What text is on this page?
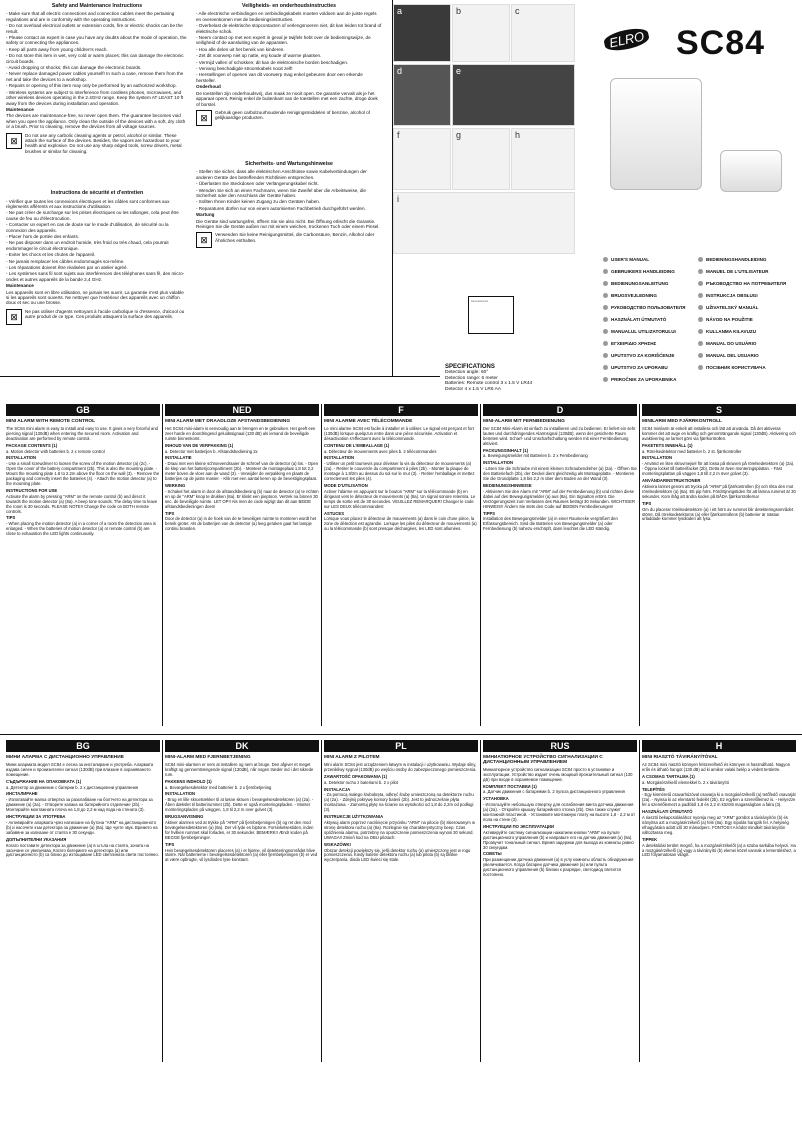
Safety and Maintenance Instructions

- Make sure that all electric connections and connection cables meet the pertaining regulations and are in conformity with the operating instructions.

- Do not overload electrical outlets or extension cords, fire or electric shocks can be the result.

- Please contact an expert in case you have any doubts about the mode of operation, the safety or connecting the appliances.

- Keep all parts away from young children's reach.

- Do not store this item in wet, very cold or warm places; this can damage the electronic circuit boards.

- Avoid dropping or shocks; this can damage the electronic boards.

- Never replace damaged power cables yourself! In such a case, remove them from the net and take the devices to a workshop.

- Repairs or opening of this item may only be performed by an authorized workshop.

- Wireless systems are subject to interference from cordless phones, microwaves, and other wireless devices operating in the 2.4GHz range. Keep the system AT LEAST 10 ft away from the devices during installation and operation.

Maintenance

The devices are maintenance-free, so never open them. The guarantee becomes void when you open the appliance. Only clean the outside of the devices with a soft, dry cloth or a brush. Prior to cleaning, remove the devices from all voltage sources.

⊠

Do not use any carbolic cleaning agents or petrol, alcohol or similar. These attack the surface of the devices. Besides, the vapors are hazardous to your health and explosive. Do not use any sharp edged tools, screw drivers, metal brushes or similar for cleaning.

Instructions de sécurité et d'entretien

- Vérifier que toutes les connexions électriques et les câbles sont conformes aux règlements afférents et aux instructions d'utilisation.

- Ne pas créer de surcharge sur les prises électriques ou les rallonges, cela peut être cause de feu ou d'électrocution.

- Contacter un expert en cas de doute sur le mode d'utilisation, de sécurité ou la connexion des appareils.

- Placer hors de portée des enfants.

- Ne pas disposer dans un endroit humide, très froid ou très chaud, cela pourrait endommager le circuit électronique.

- Eviter les chocs et les chutes de l'appareil.

- Ne jamais remplacer les câbles endommagés soi-même.

- Les réparations doivent être réalisées par un atelier agréé.

- Les systèmes sans fil sont sujets aux interférences des téléphones sans fil, des micro-ondes et autres appareils de la bande 2,4 GHz.

Maintenance

Les appareils sont en libre utilisation, ne jamais les ouvrir. La garantie n'est plus valable si les appareils sont ouverts. Ne nettoyer que l'extérieur des appareils avec un chiffon doux et sec ou une brosse.

⊠

Ne pas utiliser d'agents nettoyant à l'acide carbolique ni d'essence, d'alcool ou autre produit de ce type. Ces produits attaquent la surface des appareils.

Veiligheids- en onderhoudsinstructies

- Alle electrische verbindingen en verbindingskabels moeten voldoen aan de juiste regels en overeenkomen met de bedieningsinstructies.

- Overbelast de elektrische stopcontacten of verlengsnoeren niet, dit kan leiden tot brand of elektrische schok.

- Neem contact op met een expert in geval je twijfels hebt over de bedieningswijze, de veiligheid of de aansluiting van de apparaten.

- Hou alle delen uit het bereik van kinderen.

- Zet dit voorwerp niet op natte, erg koude of warme plaatsen.

- Vermijd vallen of schokken; dit kan de elektronische borden beschadigen.

- Vervang beschadigde stroomkabels nooit zelf!

- Herstellingen of openen van dit voorwerp mag enkel gebeuren door een erkende hersteller.

Onderhoud

De toestellen zijn onderhoudsvrij, dus maak ze nooit open. De garantie vervalt als je het apparaat opent. Reinig enkel de buitenkant van de toestellen met een zachte, droge doek of borstel.

⊠

Gebruik geen carbolzuurhoudende reinigingsmiddelen of benzine, alcohol of gelijkaardige producten.

Sicherheits- und Wartungshinweise

- Stellen Sie sicher, dass alle elektrischen Anschlüsse sowie Kabelverbindungen der anderen Geräte den betreffenden Richtlinien entsprechen.

- Überlasten Sie Steckdosen oder Verlängerungskabel nicht.

- Wenden Sie sich an einen Fachmann, wenn Sie Zweifel über die Arbeitsweise, die Sicherheit oder den Anschluss der Geräte haben.

- Sollten Ihnen Kinder keinen Zugang zu den Geräten haben.

- Reparaturen dürfen nur von einem autorisierten Fachbetrieb durchgeführt werden.

Wartung

Die Geräte sind wartungsfrei, öffnen Sie sie also nicht. Bei Öffnung erlischt die Garantie. Reinigen Sie die Geräte außen nur mit einem weichen, trockenen Tuch oder einem Pinsel.

⊠

Verwenden Sie keine Reinigungsmittel, die Carbonsäure, Benzin, Alkohol oder Ähnliches enthalten.

a	b	c
d	e
f	g	h
i
▭▭▭▭▭
SPECIFICATIONS
Detection angle: 60°
Detection range: 6 meter
Batteries: Remote control 3 x 1.5 V LR44
Detector 4 x 1.5 V LR6 AA
ELRO SC84
USER'S MANUAL	BEDIENINGSHANDLEIDING
GEBRUIKERS HANDLEIDING	MANUEL DE L'UTILISATEUR
BEDIENUNGSANLEITUNG	РЪКОВОДСТВО НА ПОТРЕБИТЕЛЯ
BRUGSVEJLEDNING	INSTRUKCJA OBSŁUGI
РУКОВОДСТВО ПОЛЬЗОВАТЕЛЯ	UŽIVATELSKÝ MANUÁL
HASZNÁLATI ÚTMUTATÓ	NÁVOD NA POUŽITIE
MANUALUL UTILIZATORULUI	KULLANMA KILAVUZU
ΕΓΧΕΙΡΙΔΙΟ ΧΡΗΣΗΣ	MANUAL DO USUÁRIO
UPUTSTVO ZA KORIŠĆENJE	MANUAL DEL USUARIO
UPUTSTVO ZA UPORABU	ПОСІБНИК КОРИСТУВАЧА
PRIROČNIK ZA UPORABNIKA
GB

MINI ALARM WITH REMOTE CONTROL

The SC84 mini alarm is easy to install and easy to use. It gives a very forceful and piercing signal (130dB) when entering the secured room. Activation and deactivation are performed by remote control.

PACKAGE CONTENTS (1)

a. Motion detector with batteries b. 2 x remote control

INSTALLATION

- Use a small screwdriver to loosen the screw of the motion detector (a) (2c). - Open the cover of the battery compartment (2b). This is also the mounting plate. - Mount the mounting plate 1.8 to 2.2m above the floor on the wall (3). - Remove the packaging and correctly insert the batteries (4). - Attach the motion detector (a) to the mounting plate.

INSTRUCTIONS FOR USE

Activate the alarm by pressing "ARM" on the remote control (b) and direct it towards the motion detector (a) (8a). A beep tone sounds. The delay time to leave the room is 30 seconds. PLEASE NOTE!! Change the code on BOTH remote controls.

TIPS

- When placing the motion detector (a) in a corner of a room the detection area is enlarged. - When the batteries of motion detector (a) or remote control (b) are close to exhaustion the LED lights continuously.

NED

MINI ALARM MET DRAADLOZE AFSTANDSBEDIENING

Het SC84 mini-alarm is eenvoudig aan te brengen en te gebruiken. Het geeft een zeer harde en doordringend geluidssignaal (130 dB) als iemand de beveiligde ruimte binnenkomt.

INHOUD VAN DE VERPAKKING (1)

a. Detector met batterijen b. Afstandsbediening 2x

INSTALLATIE

- Draai met een kleine schroevendraaier de schroef van de detector (a) los. - Open de klep van het batterijcompartiment (2b). - Monteer de montageplaat 1,8 tot 2,2 meter boven de vloer aan de wand (3). - Verwijder de verpakking en plaats de batterijen op de juiste manier. - Klik met een aantal keren op de bevestigingsplaat.

WERKING

- Schakel het alarm in door de afstandsbediening (b) naar de detector (a) te richten en op de "ARM" knop te drukken (8a). Er klinkt een pieptoon. Vertrek na binnen 30 sec. de beveiligde ruimte. LET OP!! Als men de code wijzigt dan dit aan BEIDE afstandsbedieningen doen!

TIPS

Door de detector (a) in de hoek van de te beveiligen ruimte te monteren wordt het bereik groter. Als de batterijen van de detector (a) leeg geraken gaat het lampje continu branden.

F

MINI ALARME AVEC TÉLÉCOMMANDE

Le mini alarme SC84 est facile à installer et à utiliser. Le signal est perçant et fort (130dB) lorsque quelqu'un entre dans une pièce sécurisée. Activation et désactivation s'effectuent avec la télécommande.

CONTENU DE L'EMBALLAGE (1)

a. Détecteur de mouvements avec piles b. 2 télécommandes

INSTALLATION

- Utiliser un petit tournevis pour dévisser la vis du détecteur de mouvements (a) (2a). - Retirer le couvercle du compartiment à piles (2b). - Monter la plaque de montage à 1,8/2m au dessus du sol sur le mur (3). - Retirer l'emballage et mettez correctement les piles (4).

MODE D'UTILISATION

Activer l'alarme en appuyant sur le bouton "ARM" sur la télécommande (b) en dirigeant vers le détecteur de mouvements (a) (8a). Un signal sonore retentira. Le temps de sortie est de 30 secondes. VEUILLEZ REMARQUER! Changer le code sur LES DEUX télécommandes!

ASTUCES

Lorsque vous placez le détecteur de mouvements (a) dans le coin d'une pièce, la zone de détection est agrandie. Lorsque les piles du détecteur de mouvements (a) ou la télécommande (b) sont presque déchargées, les LED sont allumées.

D

MINI-ALARM MIT FERNBEDIENUNG

Der SC84 Mini-Alarm ist einfach zu installieren und zu bedienen. Er liefert ein sehr lautes und durchdringendes Alarmsignal (130dB), wenn der gesicherte Raum betreten wird. Scharf- und Unscharfschaltung werden mit einer Fernbedienung aktiviert.

PACKUNGSINHALT (1)

a. Bewegungsmelder mit Batterien b. 2 x Fernbedienung

INSTALLATION

- Lösen Sie die Schraube mit einem kleinen Schraubendreher (a) (2a). - Öffnen Sie den Batteriefach (2b), der Deckel dient gleichzeitig als Montageplatte. - Montieren Sie die Grundplatte 1,8 bis 2,2 m über dem Boden an der Wand (3).

BEDIENUNGSHINWEISE

- Aktivieren Sie den Alarm mit "ARM" auf der Fernbedienung (b) und richten diese dabei auf den Bewegungsmelder (a) aus (8a). Ein Signalton ertönt. Die Verzögerungszeit zum Verlassen des Raumes beträgt 30 Sekunden. WICHTIGER HINWEIS!! Ändern Sie stets den Code auf BEIDEN Fernbedienungen!

TIPPS

Installation des Bewegungsmelder (a) in einer Raumecke vergrößert den Erfassungsbereich. Sind die Batterien von Bewegungsmelder (a) oder Fernbedienung (b) nahezu erschöpft, dann leuchtet die LED ständig.

S

MINILARM MED FJÄRRKONTROLL

SC84 minilarm är enkelt att installera och lätt att använda. Då det aktiveras kommer det att avge en kraftig och genomträngande signal (130dB). Aktivering och avaktivering av larmet görs via fjärrkontrollen.

PAKETETS INNEHÅLL (1)

a. Rörelsedetektor med batterier b. 2 st. fjärrkontroller

INSTALLATION

- Använd en liten skruvmejsel för att lossa på skruven på rörelsedetektorn (a) (2a). - Öppna locket till batterifacket (2b). Detta är även monteringsplattan. - Fäst monteringsplattan på väggen 1,8 till 2,2 m över golvet (3).

ANVÄNDARINSTRUKTIONER

Aktivera larmet genom att trycka på "ARM" på fjärrkontrollen (b) och rikta den mot rörelsedetektorn (a) (8a). Ett pip hörs. Fördröjningstiden för att lämna rummet är 30 sekunder. Kom ihåg att ändra koden på BÅDA fjärrkontrollerna!

TIPS

Om du placerar rörelsedetektorn (a) i ett hörn av rummet blir detekteringsområdet större. Då rörelsedetektorns (a) eller fjärrkontrollens (b) batterier är nästan urladdade kommer lysdioden att lysa.

BG

МИНИ АЛАРМА С ДИСТАНЦИОННО УПРАВЛЕНИЕ

Мини алармата модел SC84 е лесна за инсталиране и употреба. Алармата издава силен и пронизителен сигнал (130dB) при влизане в охраняваното помещение.

СЪДЪРЖАНИЕ НА ОПАКОВКАТА (1)

a. Детектор за движение с батерии b. 2 х дистанционни управления

ИНСТАЛИРАНЕ

- Използвайте малка отвертка за разхлабване на болтчето на детектора за движение (a) (2a). - Отворете капака на батерийното отделение (2b). - Монтирайте монтажната плоча на 1,8 до 2,2 м над пода на стената (3).

ИНСТРУКЦИИ ЗА УПОТРЕБА

- Активирайте алармата чрез натискане на бутона "ARM" на дистанционното (b) и насочете към детектора за движение (a) (8a). Ще чуете звук. Времето на забавяне за излизане от стаята е 30 секунди.

ДОПЪЛНИТЕЛНИ УКАЗАНИЯ

Когато поставите детектора за движение (a) в ъгъла на стаята, зоната на засичане се увеличава. Когато батериите на детектора (a) или дистанционното (b) са близо до изтощаване LED светлината свети постоянно.

DK

MINI-ALARM MED FJERNBETJENING

SC84 mini-alarmen er nem at installere og nem at bruge. Den afgiver et meget kraftigt og gennemtrængende signal (130dB), når nogen træder ind i det sikrede rum.

PAKKENS INDHOLD (1)

a. Bevægelsesdetektor med batterier b. 2 x fjernbetjening

INSTALLATION

- Brug en lille skruetrækker til at løsne skruen i bevægelsesdetektoren (a) (2a). - Åben dækslet til batterirummet (2b). Dette er også monteringspladen. - Monter monteringspladen på væggen, 1,8 til 2,2 m over gulvet (3).

BRUGSANVISNING

Aktiver alarmen ved at trykke på "ARM" på fjernbetjeningen (b) og ret den mod bevægelsesdetektoren (a) (8a). Der vil lyde en biptone. Forsinkelsestiden, inden for hvilken rummet skal forlades, er 30 sekunder. BEMÆRK!! Ændr koden på BEGGE fjernbetjeninger.

TIPS

Hvis bevægelsesdetektoren placeres (a) i et hjørne, vil detekteringsområdet blive større. Når batterierne i bevægelsesdetektoren (a) eller fjernbetjeningen (b) er ved at være opbrugte, vil lysdioden lyse konstant.

PL

MINI ALARM Z PILOTEM

Mini alarm SC84 jest urządzeniem łatwym w instalacji i użytkowaniu. Wydaje silny, przenikliwy sygnał (130dB) po wejściu osoby do zabezpieczonego pomieszczenia.

ZAWARTOŚĆ OPAKOWANIA (1)

a. Detektor ruchu z bateriami b. 2 x pilot

INSTALACJA

- Za pomocą małego śrubokręta, odkręć śrubę umieszczoną na detektorze ruchu (a) (2a). - Zdejmij pokrywę komory baterii (2b). Jest to jednocześnie płyta montażowa. - Zamontuj płytę na ścianie na wysokości od 1,8 do 2,2m od podłogi (3).

INSTRUKCJE UŻYTKOWANIA

Aktywuj alarm poprzez naciśnięcie przycisku "ARM" na pilocie (b) skierowanym w stronę detektora ruchu (a) (8a). Rozlegnie się charakterystyczny beep. Czas opóźnienia alarmu, potrzebny na opuszczenie pomieszczenia wynosi 30 sekund. UWAGA!! Zmień kod na OBU pilotach.

WSKAZÓWKI

Obszar detekcji powiększy się, jeśli detektor ruchu (a) umieszczony jest w rogu pomieszczenia. Kiedy baterie detektora ruchu (a) lub pilota (b) są bliskie wyczerpania, dioda LED świeci się stale.

RUS

МИНИАТЮРНОЕ УСТРОЙСТВО СИГНАЛИЗАЦИИ С ДИСТАНЦИОННЫМ УПРАВЛЕНИЕМ

Миниатюрное устройство сигнализации SC84 просто в установке и эксплуатации. Устройство издает очень мощный пронзительный сигнал (130 дБ) при входе в охраняемое помещение.

КОМПЛЕКТ ПОСТАВКИ (1)

a. Датчик движения с батареями b. 2 пульта дистанционного управления

УСТАНОВКА

- Используйте небольшую отвертку для ослабления винта датчика движения (a) (2a). - Откройте крышку батарейного отсека (2b). Она также служит монтажной пластиной. - Установите монтажную плату на высоте 1,8 - 2,2 м от пола на стене (3).

ИНСТРУКЦИИ ПО ЭКСПЛУАТАЦИИ

Активируйте систему сигнализации нажатием кнопки "ARM" на пульте дистанционного управления (b) и направьте его на датчик движения (a) (8a). Прозвучит тональный сигнал. Время задержки для выхода из комнаты равно 30 секундам.

СОВЕТЫ

При размещении датчика движения (a) в углу комнаты область обнаружения увеличивается. Когда батареи датчика движения (a) или пульта дистанционного управления (b) близки к разрядке, светодиод светится постоянно.

H

MINI RIASZTÓ TÁVIRÁNYÍTÓVAL

Az SC84 mini riasztó könnyen felszerelhető és könnyen is használható. Nagyon erős és átható hangot (130 dB) ad ki amikor valaki belép a védett területre.

A CSOMAG TARTALMA (1)

a. Mozgásérzékelő elemekkel b. 2 x távirányító

TELEPÍTÉS

- Egy kisméretű csavarhúzóval csavarja ki a mozgásérzékelő (a) tetőfedő csavarját (2a). - Nyissa ki az elemtartó fedelét (2b). Ez egyben a szerelőlemez is. - Helyezze fel a szerelőlemezt a padlótól 1,8 és 2,2 m közötti magasságban a falra (3).

HASZNÁLATI ÚTMUTATÓ

A riasztó bekapcsolásához nyomja meg az "ARM" gombot a távirányítón (b) és irányítsa azt a mozgásérzékelő (a) felé (8a). Egy sípolás hangzik fel. A helyiség elhagyására adott idő 30 másodperc. FONTOS!! A kódot mindkét távirányítón változtassa meg.

TIPPEK

A detektálási terület megnő, ha a mozgásérzékelőt (a) a szoba sarkába helyezi. Ha a mozgásérzékelő (a) vagy a távirányító (b) elemei közel vannak a lemerüléshez, a LED folyamatosan világít.
